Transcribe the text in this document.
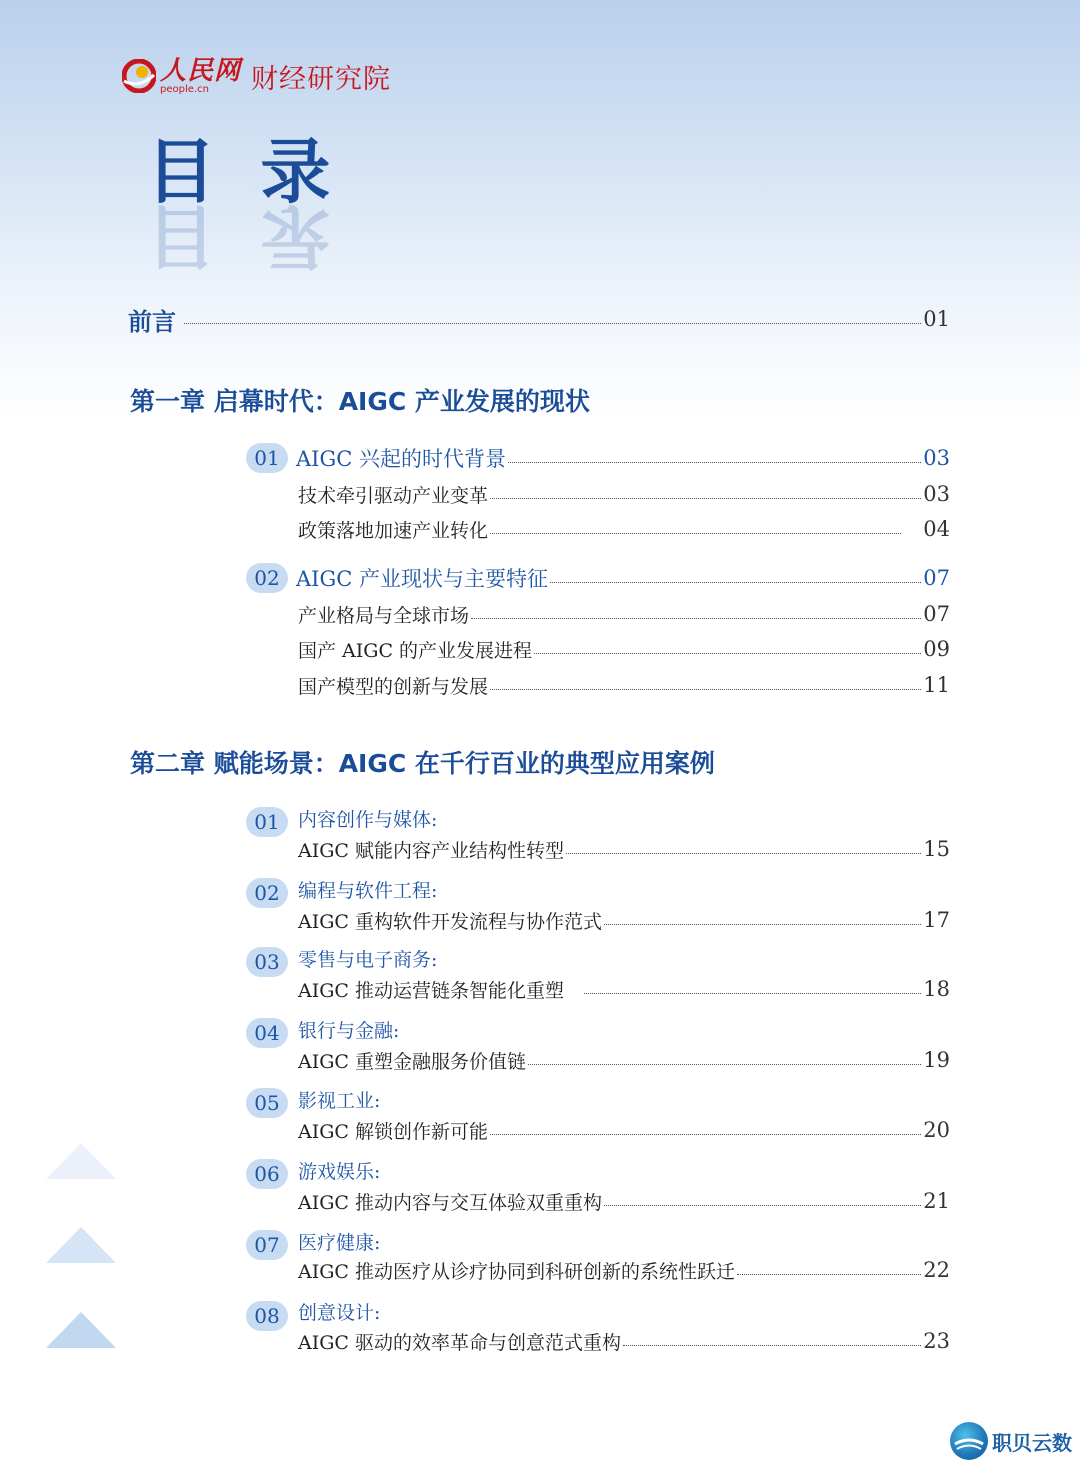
人民网
people.cn	财经研究院
目 录
目 录
前言	01
第一章 启幕时代：AIGC 产业发展的现状
01 AIGC 兴起的时代背景	03
技术牵引驱动产业变革	03
政策落地加速产业转化	04
02 AIGC 产业现状与主要特征	07
产业格局与全球市场	07
国产 AIGC 的产业发展进程	09
国产模型的创新与发展	11
第二章 赋能场景：AIGC 在千行百业的典型应用案例
01 内容创作与媒体:
AIGC 赋能内容产业结构性转型	15
02 编程与软件工程:
AIGC 重构软件开发流程与协作范式	17
03 零售与电子商务:
AIGC 推动运营链条智能化重塑	18
04 银行与金融:
AIGC 重塑金融服务价值链	19
05 影视工业:
AIGC 解锁创作新可能	20
06 游戏娱乐:
AIGC 推动内容与交互体验双重重构	21
07 医疗健康:
AIGC 推动医疗从诊疗协同到科研创新的系统性跃迁	22
08 创意设计:
AIGC 驱动的效率革命与创意范式重构	23
职贝云数
